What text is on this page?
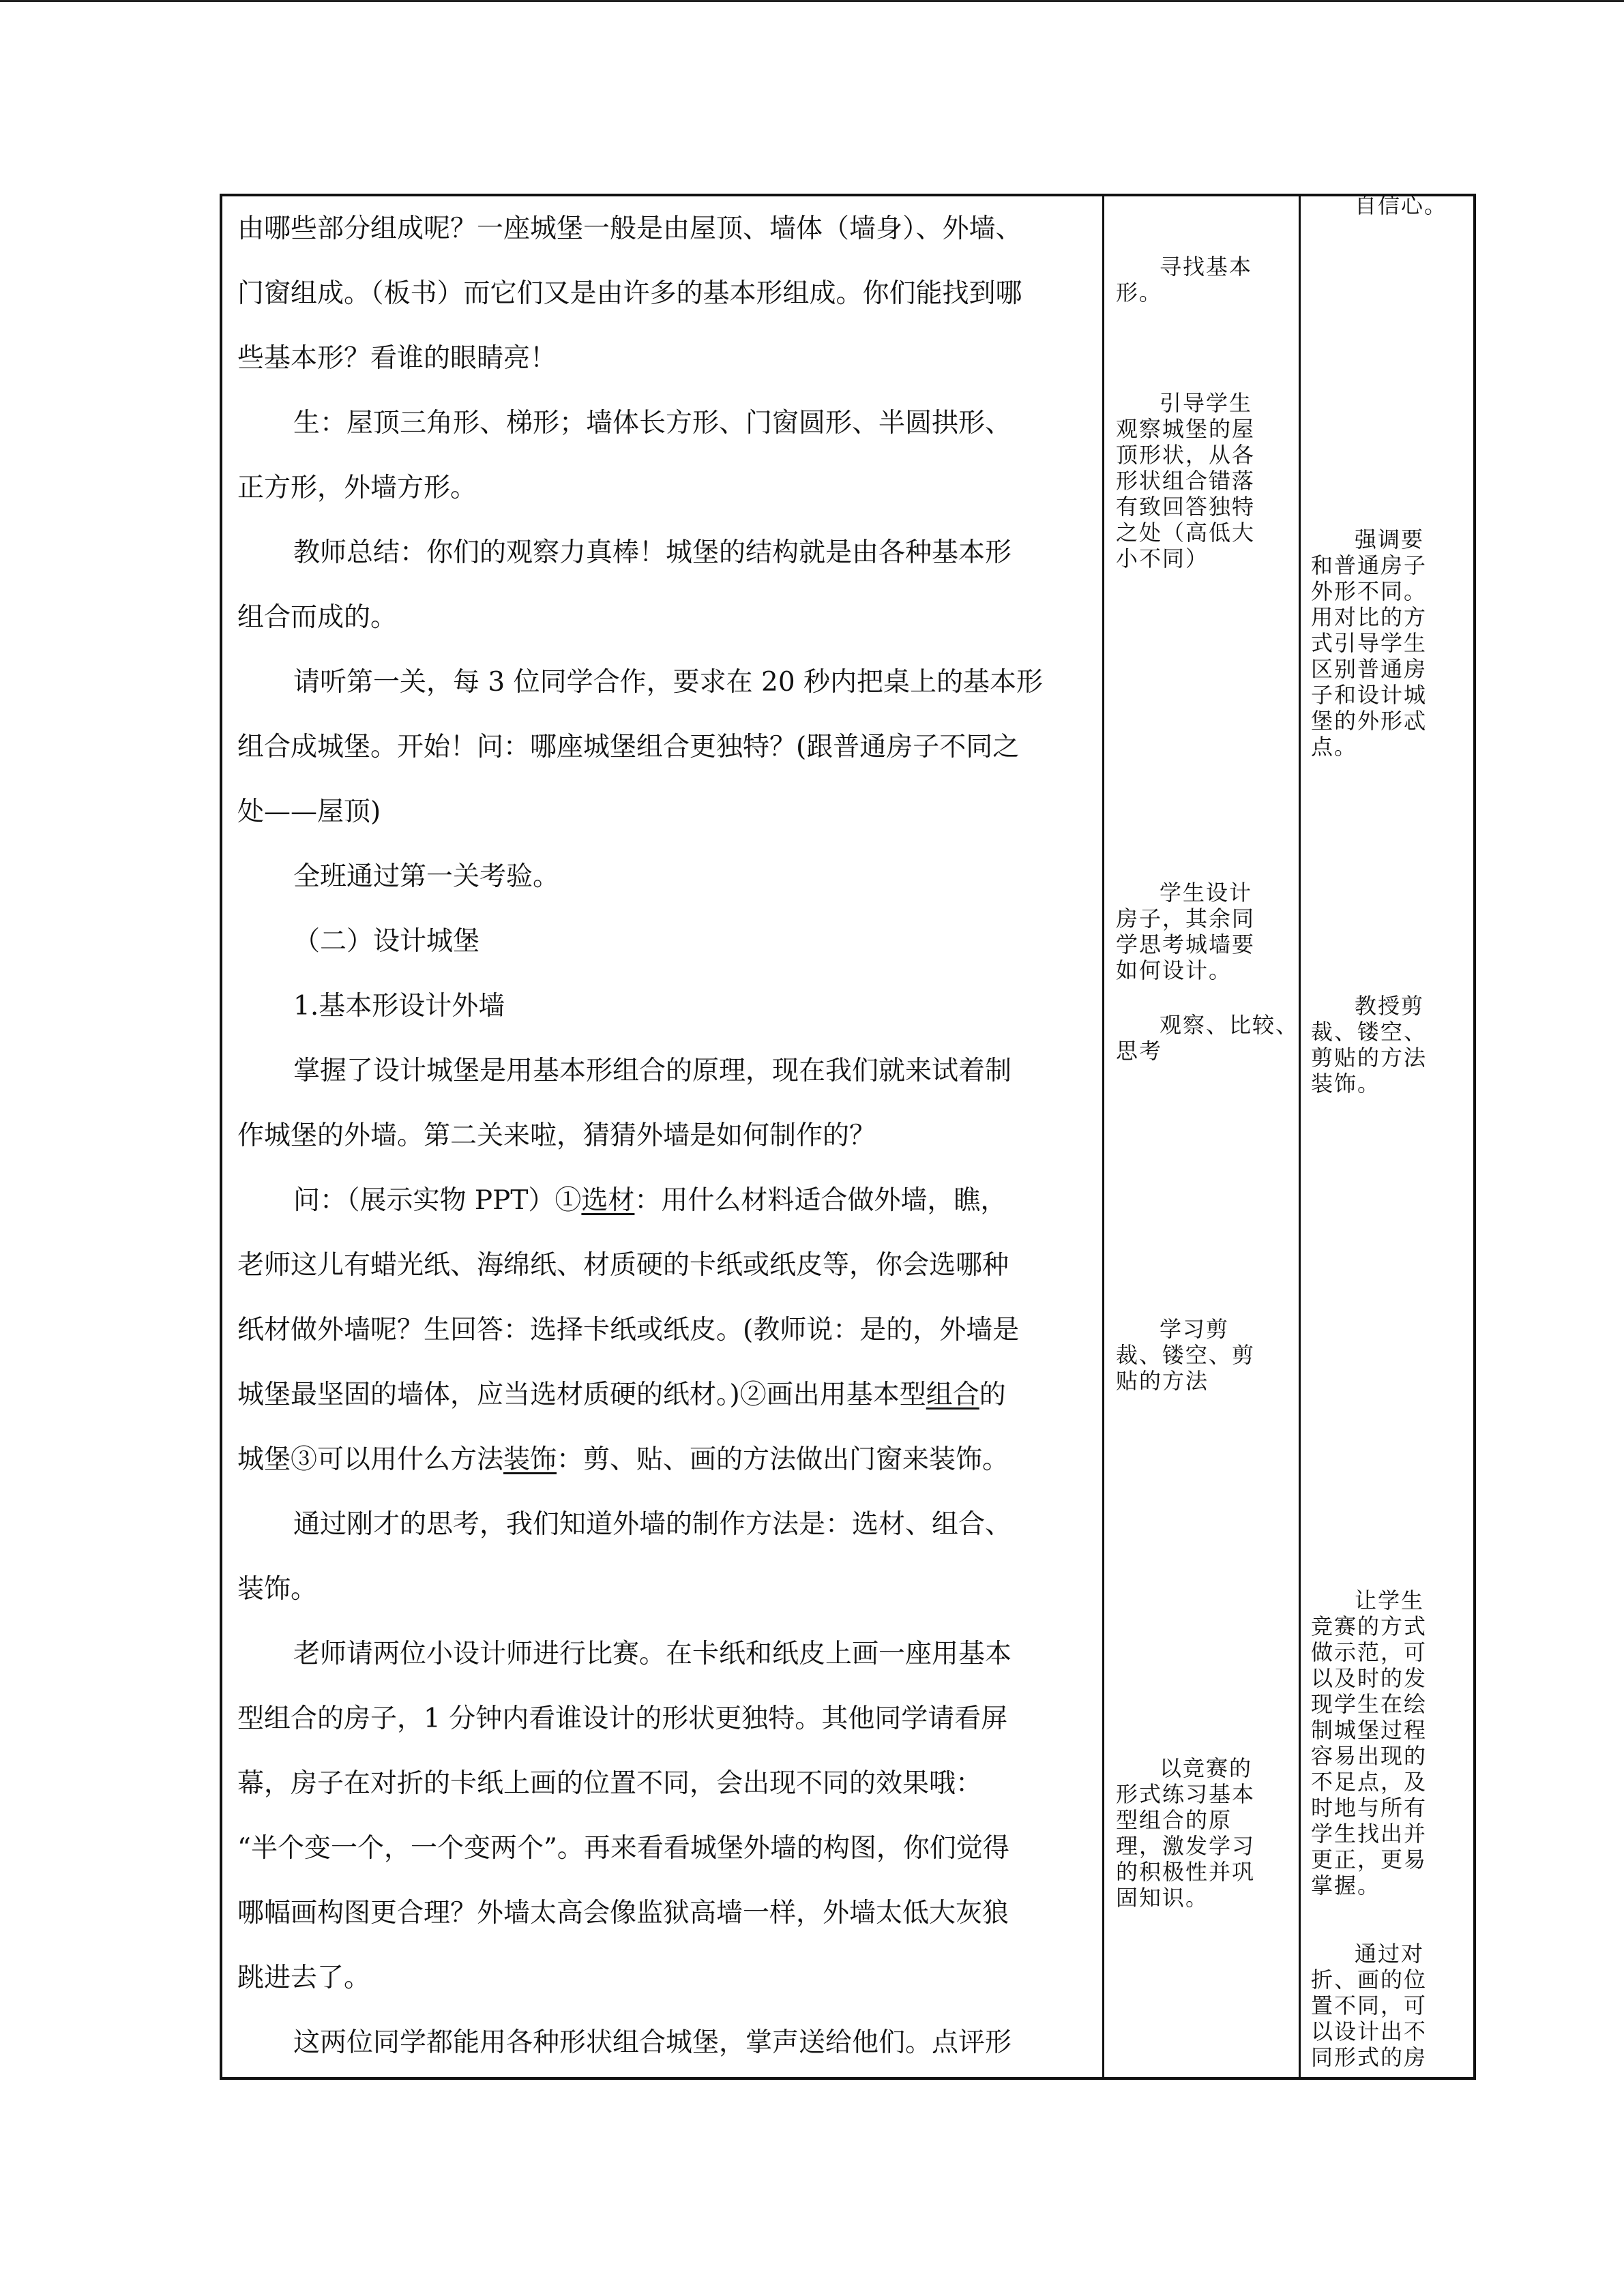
由哪些部分组成呢？一座城堡一般是由屋顶、墙体（墙身）、外墙、

门窗组成。（板书）而它们又是由许多的基本形组成。你们能找到哪

些基本形？看谁的眼睛亮！

生：屋顶三角形、梯形；墙体长方形、门窗圆形、半圆拱形、

正方形，外墙方形。

教师总结：你们的观察力真棒！城堡的结构就是由各种基本形

组合而成的。

请听第一关，每 3 位同学合作，要求在 20 秒内把桌上的基本形

组合成城堡。开始！问：哪座城堡组合更独特？(跟普通房子不同之

处——屋顶)

全班通过第一关考验。

（二）设计城堡

1.基本形设计外墙

掌握了设计城堡是用基本形组合的原理，现在我们就来试着制

作城堡的外墙。第二关来啦，猜猜外墙是如何制作的？

问：（展示实物 PPT）①选材：用什么材料适合做外墙，瞧，

老师这儿有蜡光纸、海绵纸、材质硬的卡纸或纸皮等，你会选哪种

纸材做外墙呢？生回答：选择卡纸或纸皮。(教师说：是的，外墙是

城堡最坚固的墙体，应当选材质硬的纸材。)②画出用基本型组合的

城堡③可以用什么方法装饰：剪、贴、画的方法做出门窗来装饰。

通过刚才的思考，我们知道外墙的制作方法是：选材、组合、

装饰。

老师请两位小设计师进行比赛。在卡纸和纸皮上画一座用基本

型组合的房子，1 分钟内看谁设计的形状更独特。其他同学请看屏

幕，房子在对折的卡纸上画的位置不同，会出现不同的效果哦：

“半个变一个，一个变两个”。再来看看城堡外墙的构图，你们觉得

哪幅画构图更合理？外墙太高会像监狱高墙一样，外墙太低大灰狼

跳进去了。

这两位同学都能用各种形状组合城堡，掌声送给他们。点评形

寻找基本
形。
引导学生
观察城堡的屋
顶形状，从各
形状组合错落
有致回答独特
之处（高低大
小不同）
学生设计
房子，其余同
学思考城墙要
如何设计。
观察、比较、
思考
学习剪
裁、镂空、剪
贴的方法
以竞赛的
形式练习基本
型组合的原
理，激发学习
的积极性并巩
固知识。
自信心。
强调要
和普通房子
外形不同。
用对比的方
式引导学生
区别普通房
子和设计城
堡的外形忒
点。
教授剪
裁、镂空、
剪贴的方法
装饰。
让学生
竞赛的方式
做示范，可
以及时的发
现学生在绘
制城堡过程
容易出现的
不足点，及
时地与所有
学生找出并
更正，更易
掌握。
通过对
折、画的位
置不同，可
以设计出不
同形式的房
